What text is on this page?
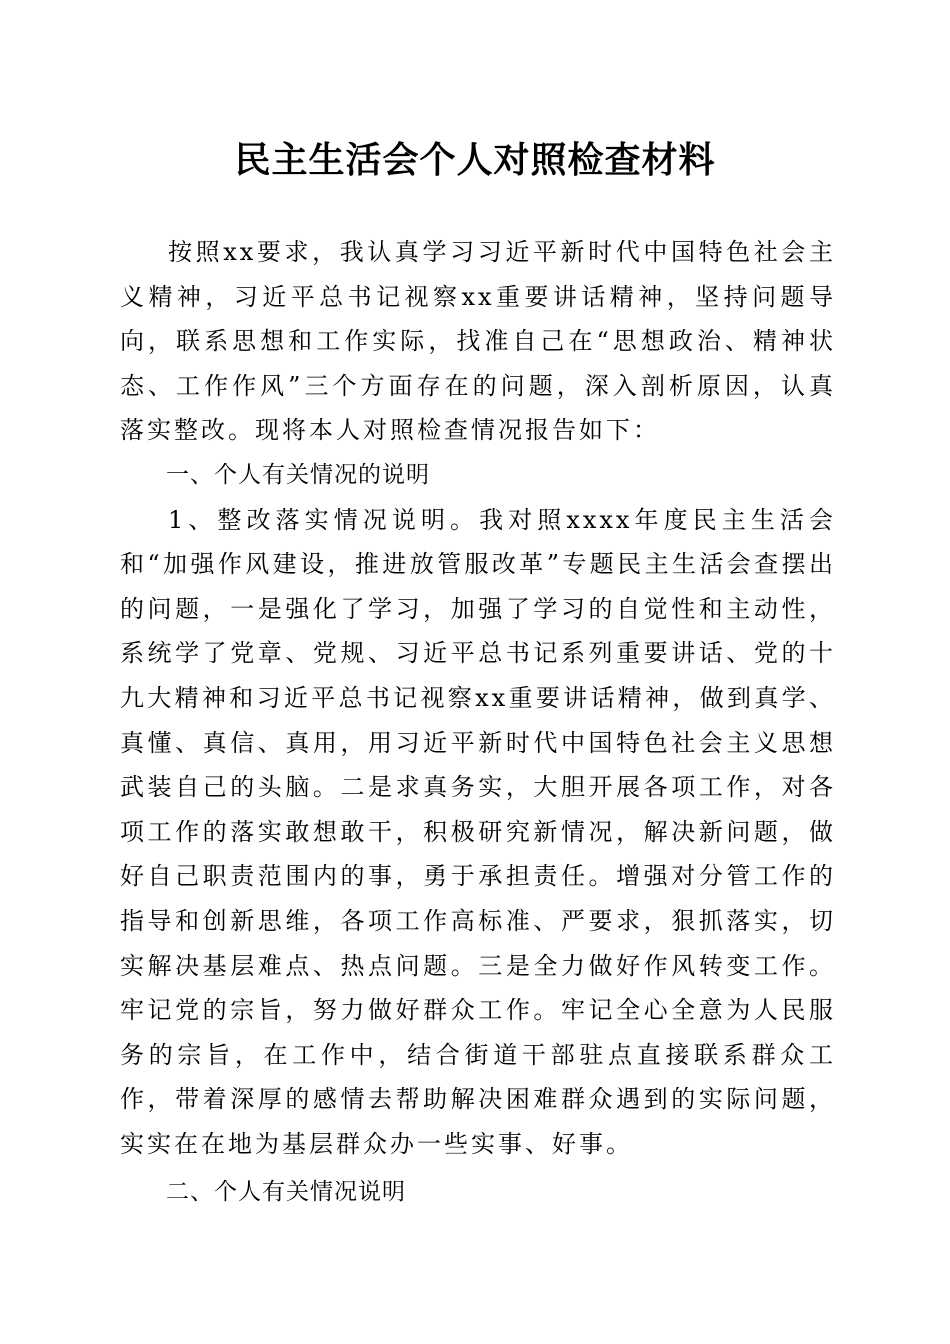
民主生活会个人对照检查材料

按照xx要求，我认真学习习近平新时代中国特色社会主义精神，习近平总书记视察xx重要讲话精神，坚持问题导向，联系思想和工作实际，找准自己在“思想政治、精神状态、工作作风”三个方面存在的问题，深入剖析原因，认真落实整改。现将本人对照检查情况报告如下：

一、个人有关情况的说明

1、整改落实情况说明。我对照xxxx年度民主生活会和“加强作风建设，推进放管服改革”专题民主生活会查摆出的问题，一是强化了学习，加强了学习的自觉性和主动性，系统学了党章、党规、习近平总书记系列重要讲话、党的十九大精神和习近平总书记视察xx重要讲话精神，做到真学、真懂、真信、真用，用习近平新时代中国特色社会主义思想武装自己的头脑。二是求真务实，大胆开展各项工作，对各项工作的落实敢想敢干，积极研究新情况，解决新问题，做好自己职责范围内的事，勇于承担责任。增强对分管工作的指导和创新思维，各项工作高标准、严要求，狠抓落实，切实解决基层难点、热点问题。三是全力做好作风转变工作。牢记党的宗旨，努力做好群众工作。牢记全心全意为人民服务的宗旨，在工作中，结合街道干部驻点直接联系群众工作，带着深厚的感情去帮助解决困难群众遇到的实际问题，实实在在地为基层群众办一些实事、好事。

二、个人有关情况说明
